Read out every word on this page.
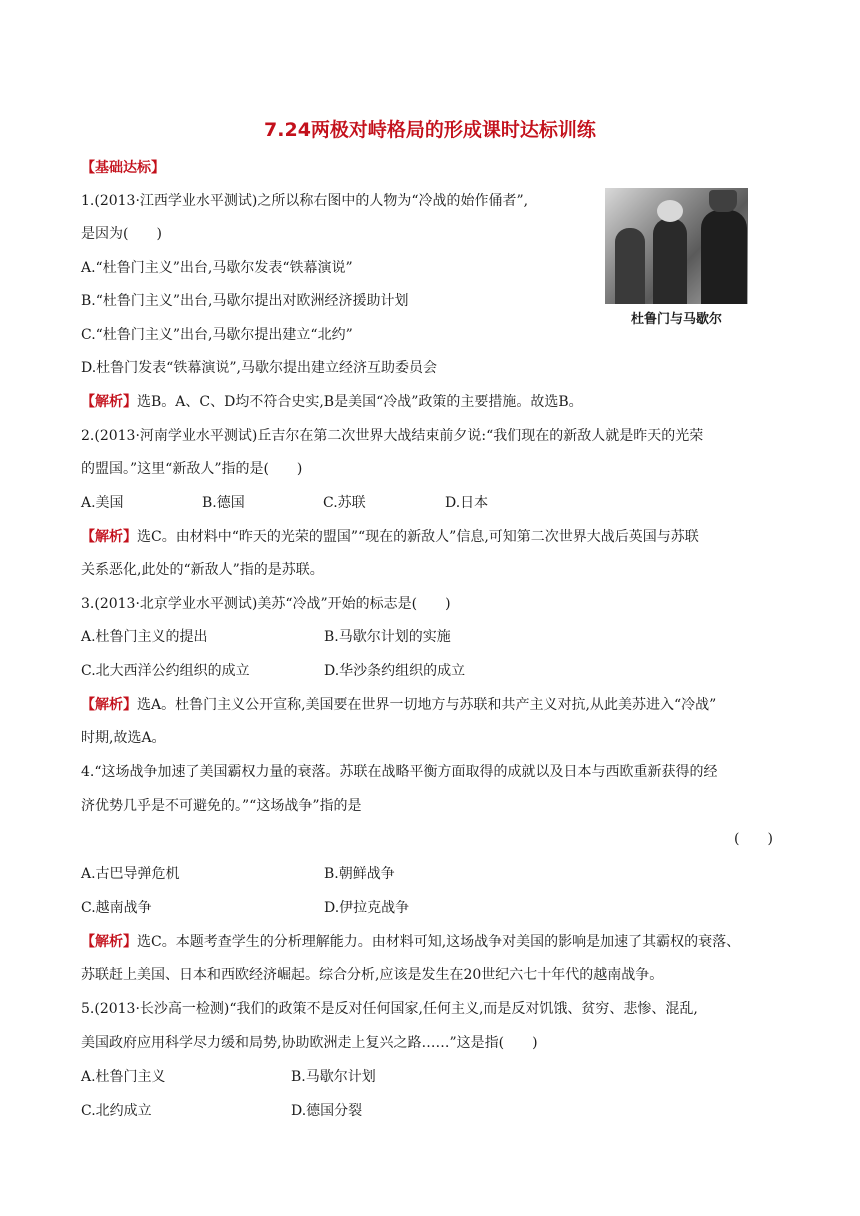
7.24两极对峙格局的形成课时达标训练
【基础达标】
杜鲁门与马歇尔
1.(2013·江西学业水平测试)之所以称右图中的人物为“冷战的始作俑者”,
是因为(　　)
A.“杜鲁门主义”出台,马歇尔发表“铁幕演说”
B.“杜鲁门主义”出台,马歇尔提出对欧洲经济援助计划
C.“杜鲁门主义”出台,马歇尔提出建立“北约”
D.杜鲁门发表“铁幕演说”,马歇尔提出建立经济互助委员会
【解析】选B。A、C、D均不符合史实,B是美国“冷战”政策的主要措施。故选B。
2.(2013·河南学业水平测试)丘吉尔在第二次世界大战结束前夕说:“我们现在的新敌人就是昨天的光荣
的盟国。”这里“新敌人”指的是(　　)
A.美国	B.德国	C.苏联	D.日本
【解析】选C。由材料中“昨天的光荣的盟国”“现在的新敌人”信息,可知第二次世界大战后英国与苏联
关系恶化,此处的“新敌人”指的是苏联。
3.(2013·北京学业水平测试)美苏“冷战”开始的标志是(　　)
A.杜鲁门主义的提出	B.马歇尔计划的实施
C.北大西洋公约组织的成立	D.华沙条约组织的成立
【解析】选A。杜鲁门主义公开宣称,美国要在世界一切地方与苏联和共产主义对抗,从此美苏进入“冷战”
时期,故选A。
4.“这场战争加速了美国霸权力量的衰落。苏联在战略平衡方面取得的成就以及日本与西欧重新获得的经
济优势几乎是不可避免的。”“这场战争”指的是
(　　)
A.古巴导弹危机	B.朝鲜战争
C.越南战争	D.伊拉克战争
【解析】选C。本题考查学生的分析理解能力。由材料可知,这场战争对美国的影响是加速了其霸权的衰落、
苏联赶上美国、日本和西欧经济崛起。综合分析,应该是发生在20世纪六七十年代的越南战争。
5.(2013·长沙高一检测)“我们的政策不是反对任何国家,任何主义,而是反对饥饿、贫穷、悲惨、混乱,
美国政府应用科学尽力缓和局势,协助欧洲走上复兴之路……”这是指(　　)
A.杜鲁门主义	B.马歇尔计划
C.北约成立	D.德国分裂
